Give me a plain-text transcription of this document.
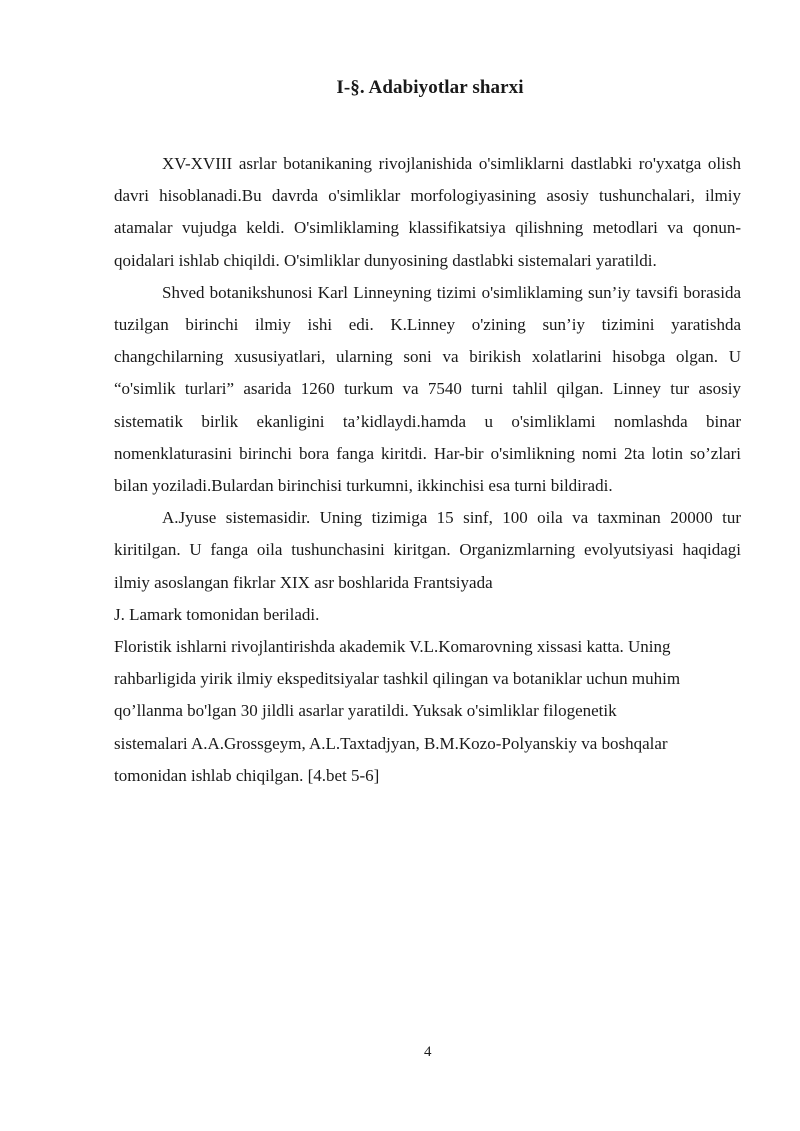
I-§. Adabiyotlar sharxi

XV-XVIII asrlar botanikaning rivojlanishida o'simliklarni dastlabki ro'yxatga olish davri hisoblanadi.Bu davrda o'simliklar morfologiyasining asosiy tushunchalari, ilmiy atamalar vujudga keldi. O'simliklaming klassifikatsiya qilishning metodlari va qonun-qoidalari ishlab chiqildi. O'simliklar dunyosining dastlabki sistemalari yaratildi.

Shved botanikshunosi Karl Linneyning tizimi o'simliklaming sun’iy tavsifi borasida tuzilgan birinchi ilmiy ishi edi. K.Linney o'zining sun’iy tizimini yaratishda changchilarning xususiyatlari, ularning soni va birikish xolatlarini hisobga olgan. U “o'simlik turlari” asarida 1260 turkum va 7540 turni tahlil qilgan. Linney tur asosiy sistematik birlik ekanligini ta’kidlaydi.hamda u o'simliklami nomlashda binar nomenklaturasini birinchi bora fanga kiritdi. Har-bir o'simlikning nomi 2ta lotin so’zlari bilan yoziladi.Bulardan birinchisi turkumni, ikkinchisi esa turni bildiradi.

A.Jyuse sistemasidir. Uning tizimiga 15 sinf, 100 oila va taxminan 20000 tur kiritilgan. U fanga oila tushunchasini kiritgan. Organizmlarning evolyutsiyasi haqidagi ilmiy asoslangan fikrlar XIX asr boshlarida Frantsiyada

J. Lamark tomonidan beriladi.
Floristik ishlarni rivojlantirishda akademik V.L.Komarovning xissasi katta. Uning
rahbarligida yirik ilmiy ekspeditsiyalar tashkil qilingan va botaniklar uchun muhim
qo’llanma bo'lgan 30 jildli asarlar yaratildi. Yuksak o'simliklar filogenetik
sistemalari A.A.Grossgeym, A.L.Taxtadjyan, B.M.Kozo-Polyanskiy va boshqalar
tomonidan ishlab chiqilgan. [4.bet 5-6]
4
